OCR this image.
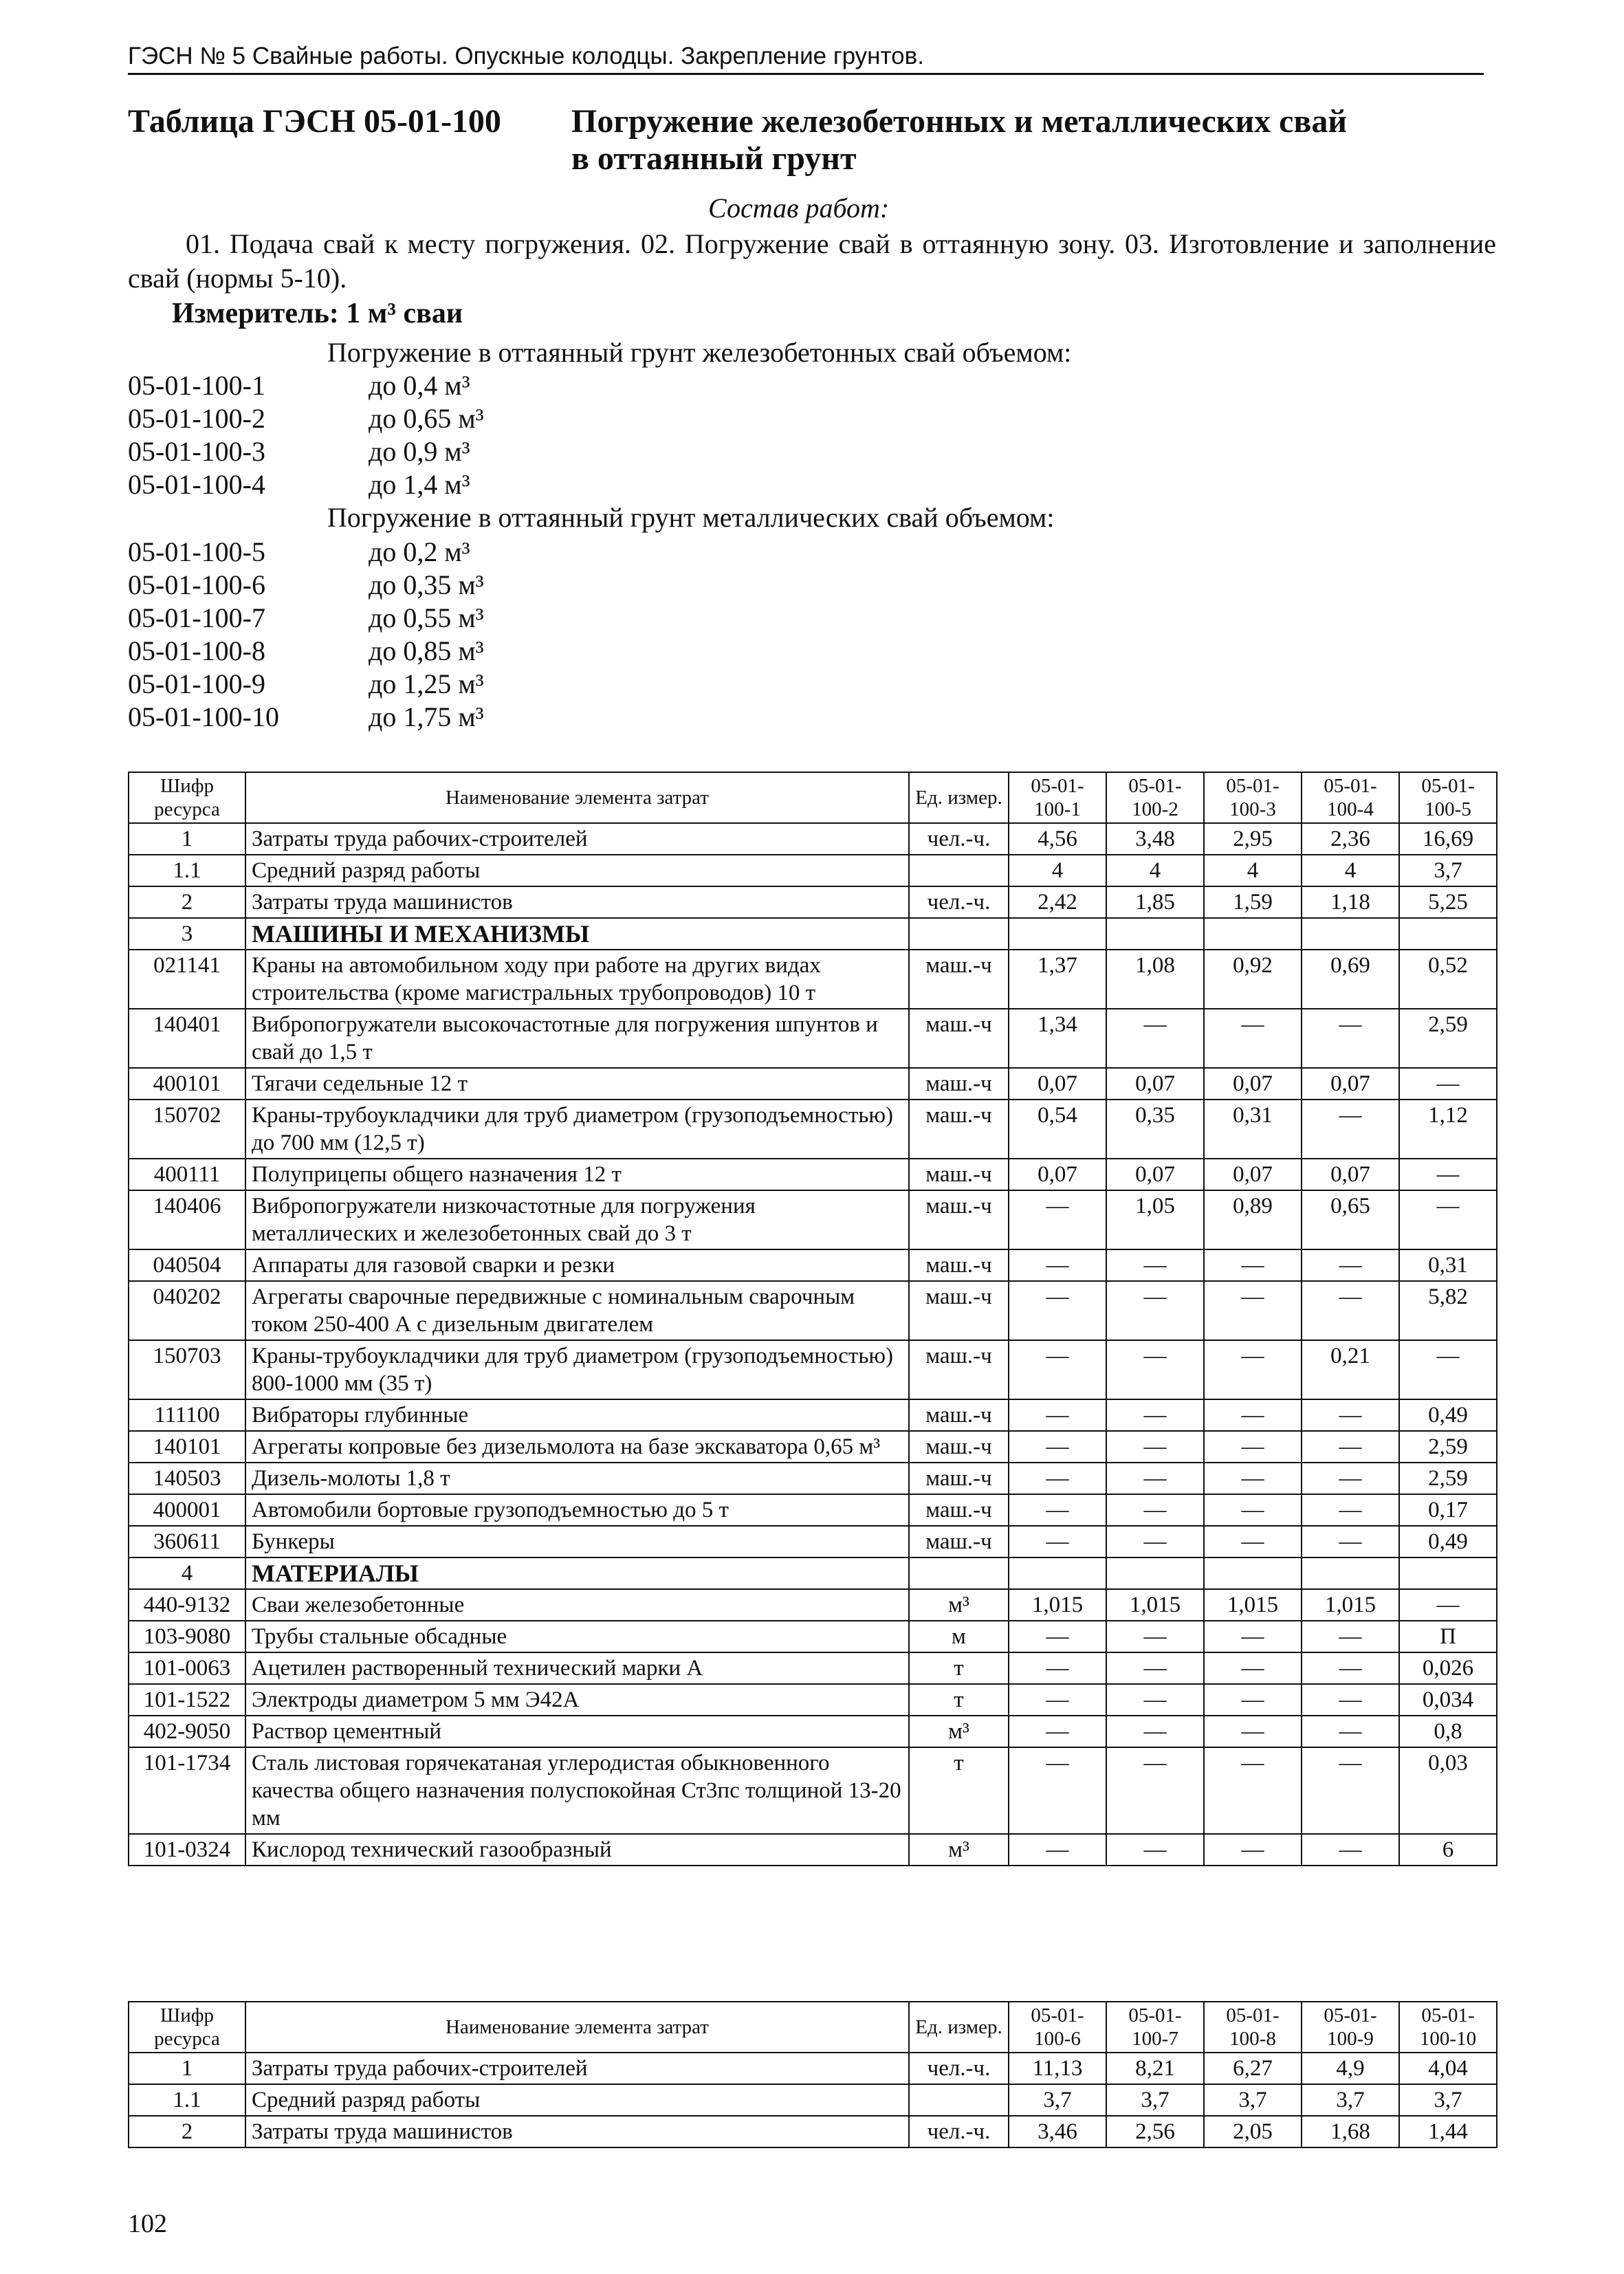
ГЭСН № 5 Свайные работы. Опускные колодцы. Закрепление грунтов.
Таблица ГЭСН 05-01-100 Погружение железобетонных и металлических свай
в оттаянный грунт
Состав работ:
01. Подача свай к месту погружения. 02. Погружение свай в оттаянную зону. 03. Изготовление и заполнение свай (нормы 5-10).
Измеритель: 1 м³ сваи
Погружение в оттаянный грунт железобетонных свай объемом:
05-01-100-1	до 0,4 м³
05-01-100-2	до 0,65 м³
05-01-100-3	до 0,9 м³
05-01-100-4	до 1,4 м³
Погружение в оттаянный грунт металлических свай объемом:
05-01-100-5	до 0,2 м³
05-01-100-6	до 0,35 м³
05-01-100-7	до 0,55 м³
05-01-100-8	до 0,85 м³
05-01-100-9	до 1,25 м³
05-01-100-10	до 1,75 м³
Шифр ресурса	Наименование элемента затрат	Ед. измер.	05-01-100-1	05-01-100-2	05-01-100-3	05-01-100-4	05-01-100-5
1	Затраты труда рабочих-строителей	чел.-ч.	4,56	3,48	2,95	2,36	16,69
1.1	Средний разряд работы		4	4	4	4	3,7
2	Затраты труда машинистов	чел.-ч.	2,42	1,85	1,59	1,18	5,25
3	МАШИНЫ И МЕХАНИЗМЫ						
021141	Краны на автомобильном ходу при работе на других видах строительства (кроме магистральных трубопроводов) 10 т	маш.-ч	1,37	1,08	0,92	0,69	0,52
140401	Вибропогружатели высокочастотные для погружения шпунтов и свай до 1,5 т	маш.-ч	1,34	—	—	—	2,59
400101	Тягачи седельные 12 т	маш.-ч	0,07	0,07	0,07	0,07	—
150702	Краны-трубоукладчики для труб диаметром (грузоподъемностью) до 700 мм (12,5 т)	маш.-ч	0,54	0,35	0,31	—	1,12
400111	Полуприцепы общего назначения 12 т	маш.-ч	0,07	0,07	0,07	0,07	—
140406	Вибропогружатели низкочастотные для погружения металлических и железобетонных свай до 3 т	маш.-ч	—	1,05	0,89	0,65	—
040504	Аппараты для газовой сварки и резки	маш.-ч	—	—	—	—	0,31
040202	Агрегаты сварочные передвижные с номинальным сварочным током 250-400 А с дизельным двигателем	маш.-ч	—	—	—	—	5,82
150703	Краны-трубоукладчики для труб диаметром (грузоподъемностью) 800-1000 мм (35 т)	маш.-ч	—	—	—	0,21	—
111100	Вибраторы глубинные	маш.-ч	—	—	—	—	0,49
140101	Агрегаты копровые без дизельмолота на базе экскаватора 0,65 м³	маш.-ч	—	—	—	—	2,59
140503	Дизель-молоты 1,8 т	маш.-ч	—	—	—	—	2,59
400001	Автомобили бортовые грузоподъемностью до 5 т	маш.-ч	—	—	—	—	0,17
360611	Бункеры	маш.-ч	—	—	—	—	0,49
4	МАТЕРИАЛЫ						
440-9132	Сваи железобетонные	м³	1,015	1,015	1,015	1,015	—
103-9080	Трубы стальные обсадные	м	—	—	—	—	П
101-0063	Ацетилен растворенный технический марки А	т	—	—	—	—	0,026
101-1522	Электроды диаметром 5 мм Э42А	т	—	—	—	—	0,034
402-9050	Раствор цементный	м³	—	—	—	—	0,8
101-1734	Сталь листовая горячекатаная углеродистая обыкновенного качества общего назначения полуспокойная Ст3пс толщиной 13-20 мм	т	—	—	—	—	0,03
101-0324	Кислород технический газообразный	м³	—	—	—	—	6
Шифр ресурса	Наименование элемента затрат	Ед. измер.	05-01-100-6	05-01-100-7	05-01-100-8	05-01-100-9	05-01-100-10
1	Затраты труда рабочих-строителей	чел.-ч.	11,13	8,21	6,27	4,9	4,04
1.1	Средний разряд работы		3,7	3,7	3,7	3,7	3,7
2	Затраты труда машинистов	чел.-ч.	3,46	2,56	2,05	1,68	1,44
102
